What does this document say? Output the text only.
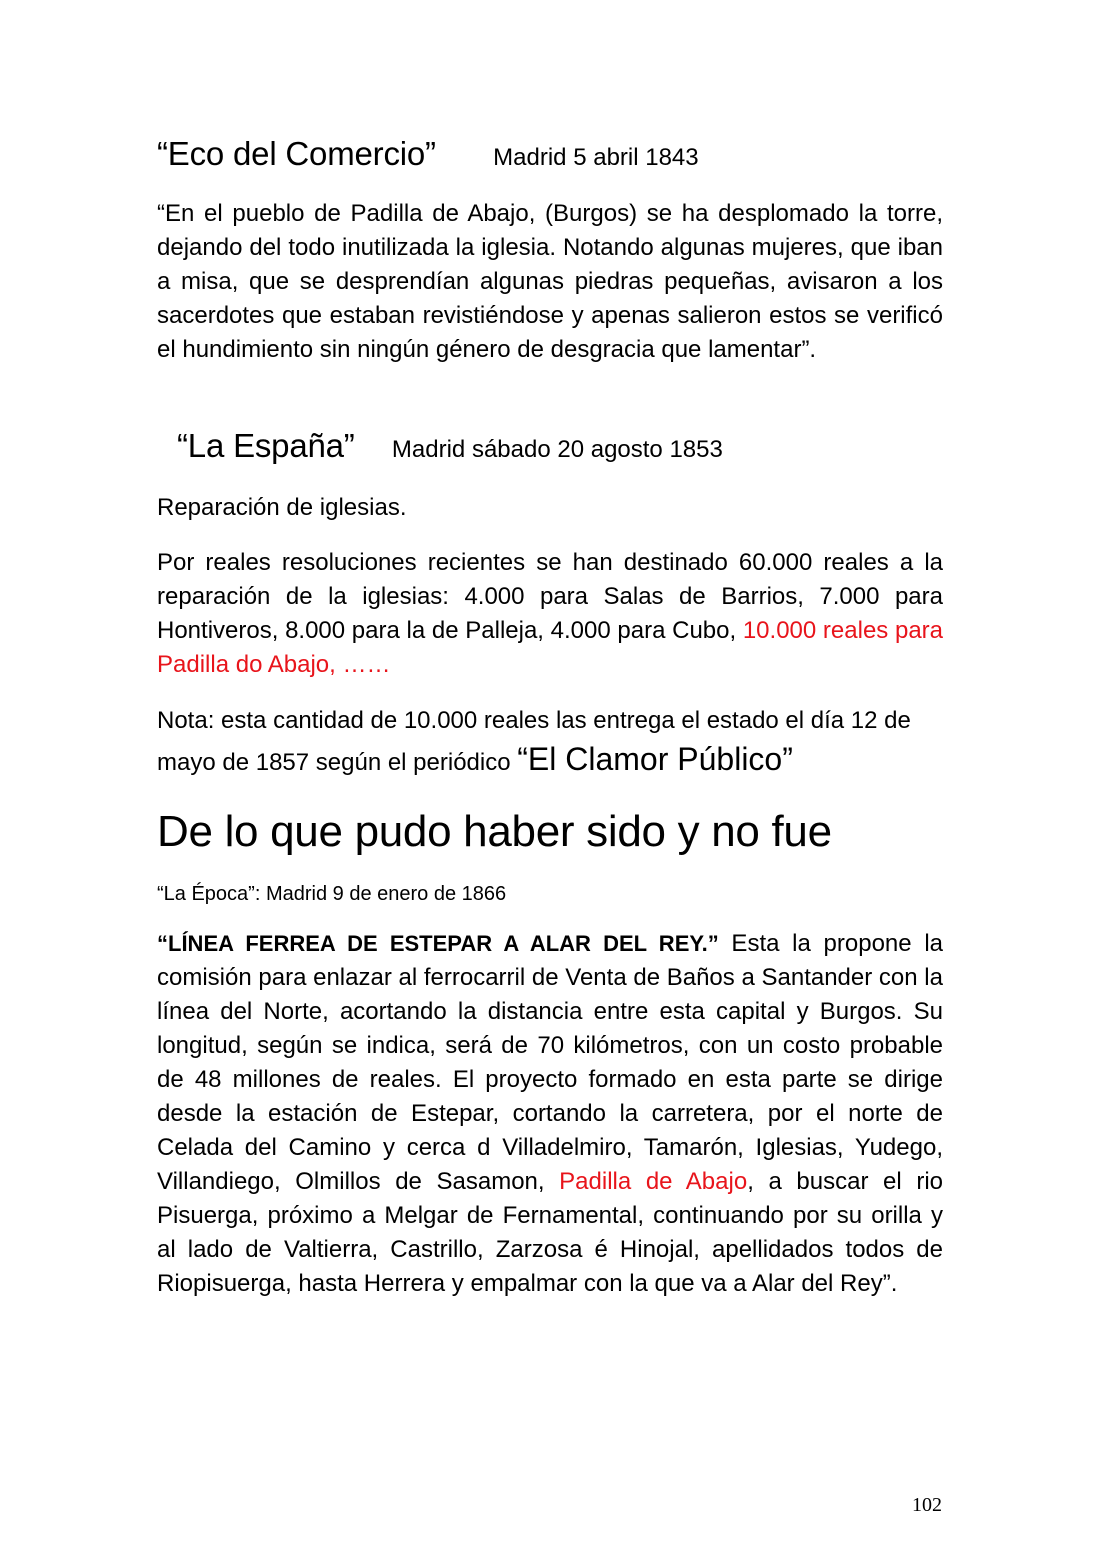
“Eco del Comercio” Madrid 5 abril 1843

“En el pueblo de Padilla de Abajo, (Burgos) se ha desplomado la torre, dejando del todo inutilizada la iglesia. Notando algunas mujeres, que iban a misa, que se desprendían algunas piedras pequeñas, avisaron a los sacerdotes que estaban revistiéndose y apenas salieron estos se verificó el hundimiento sin ningún género de desgracia que lamentar”.

“La España” Madrid sábado 20 agosto 1853

Reparación de iglesias.

Por reales resoluciones recientes se han destinado 60.000 reales a la reparación de la iglesias: 4.000 para Salas de Barrios, 7.000 para Hontiveros, 8.000 para la de Palleja, 4.000 para Cubo, 10.000 reales para Padilla do Abajo, ……

Nota: esta cantidad de 10.000 reales las entrega el estado el día 12 de mayo de 1857 según el periódico “El Clamor Público”

De lo que pudo haber sido y no fue

“La Época”: Madrid 9 de enero de 1866

“LÍNEA FERREA DE ESTEPAR A ALAR DEL REY.” Esta la propone la comisión para enlazar al ferrocarril de Venta de Baños a Santander con la línea del Norte, acortando la distancia entre esta capital y Burgos. Su longitud, según se indica, será de 70 kilómetros, con un costo probable de 48 millones de reales. El proyecto formado en esta parte se dirige desde la estación de Estepar, cortando la carretera, por el norte de Celada del Camino y cerca d Villadelmiro, Tamarón, Iglesias, Yudego, Villandiego, Olmillos de Sasamon, Padilla de Abajo, a buscar el rio Pisuerga, próximo a Melgar de Fernamental, continuando por su orilla y al lado de Valtierra, Castrillo, Zarzosa é Hinojal, apellidados todos de Riopisuerga, hasta Herrera y empalmar con la que va a Alar del Rey”.

102
